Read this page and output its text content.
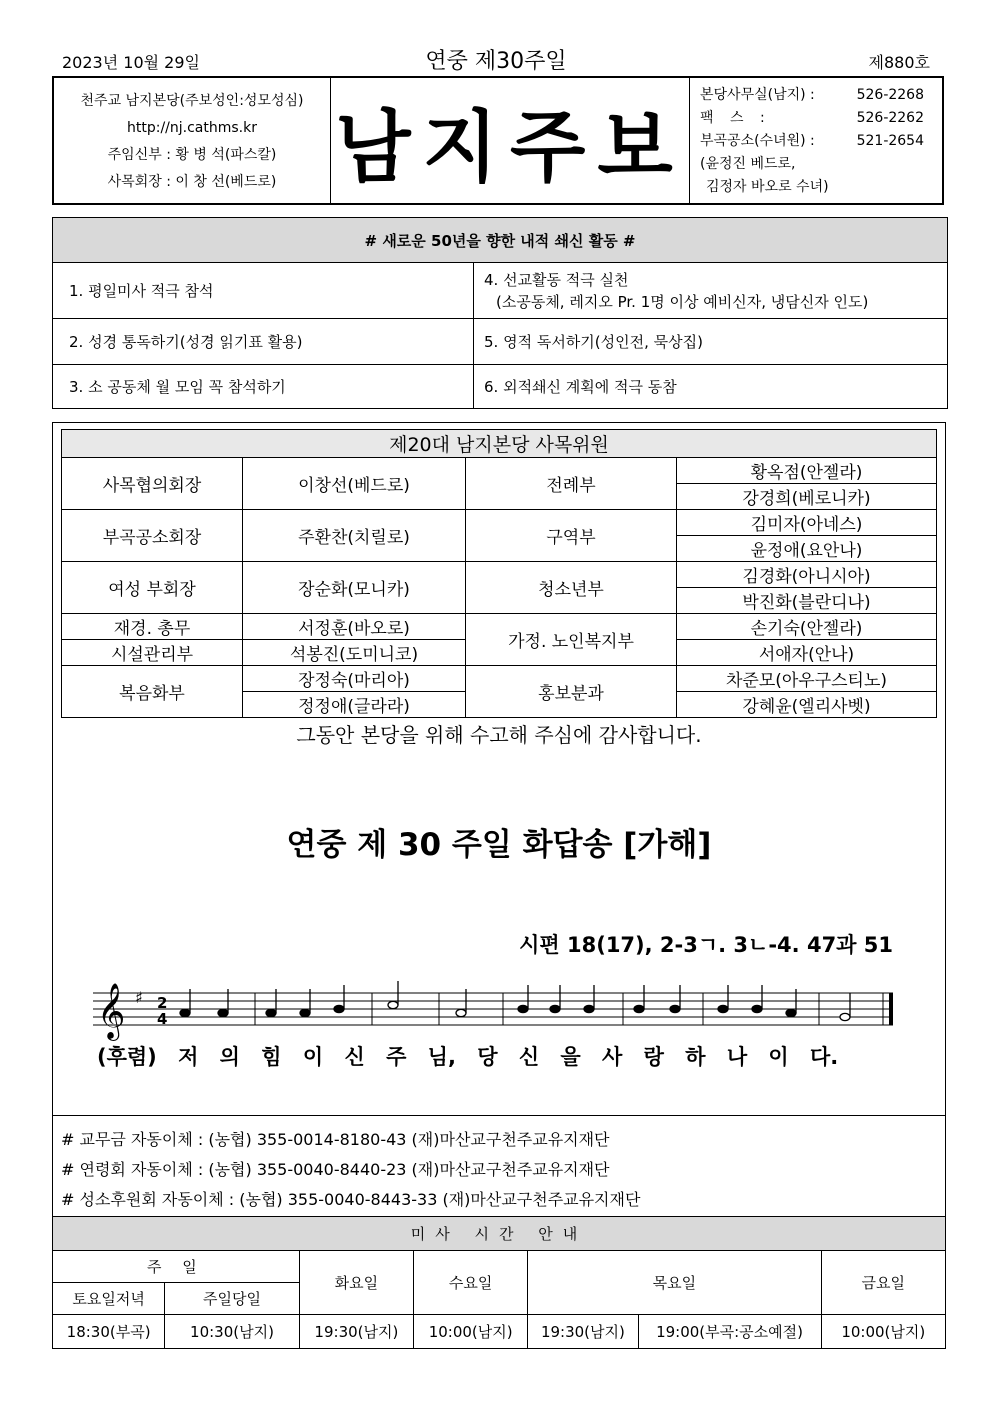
2023년 10월 29일	연중 제30주일	제880호
천주교 남지본당(주보성인:성모성심)
http://nj.cathms.kr
주임신부 : 황 병 석(파스칼)
사목회장 : 이 창 선(베드로) 남지주보
본당사무실(남지) :	526-2268
팩 스 :	526-2262
부곡공소(수녀원) :	521-2654
(윤정진 베드로,
김정자 바오로 수녀)
# 새로운 50년을 향한 내적 쇄신 활동 #	
1. 평일미사 적극 참석	4. 선교활동 적극 실천
(소공동체, 레지오 Pr. 1명 이상 예비신자, 냉담신자 인도)

2. 성경 통독하기(성경 읽기표 활용)	5. 영적 독서하기(성인전, 묵상집)
3. 소 공동체 월 모임 꼭 참석하기	6. 외적쇄신 계획에 적극 동참
제20대 남지본당 사목위원			
사목협의회장	이창선(베드로)	전례부	황옥점(안젤라)
			강경희(베로니카)
부곡공소회장	주환찬(치릴로)	구역부	김미자(아네스)
			윤정애(요안나)
여성 부회장	장순화(모니카)	청소년부	김경화(아니시아)
			박진화(블란디나)
재경. 총무	서정훈(바오로)	가정. 노인복지부	손기숙(안젤라)
시설관리부	석봉진(도미니코)		서애자(안나)
복음화부	장정숙(마리아)	홍보분과	차준모(아우구스티노)
	정정애(글라라)		강혜윤(엘리사벳)
그동안 본당을 위해 수고해 주심에 감사합니다.
연중 제 30 주일 화답송 [가해]
시편 18(17), 2-3ㄱ. 3ㄴ-4. 47과 51
𝄞 ♯ 2
4
(후렴) 저 의 힘 이 신 주 님, 당 신 을 사 랑 하 나 이 다.
# 교무금 자동이체 : (농협) 355-0014-8180-43 (재)마산교구천주교유지재단
# 연령회 자동이체 : (농협) 355-0040-8440-23 (재)마산교구천주교유지재단
# 성소후원회 자동이체 : (농협) 355-0040-8443-33 (재)마산교구천주교유지재단
미사 시간 안내						
주 일		화요일	수요일	목요일		금요일
토요일저녁	주일당일					
18:30(부곡)	10:30(남지)	19:30(남지)	10:00(남지)	19:30(남지)	19:00(부곡:공소예절)	10:00(남지)
